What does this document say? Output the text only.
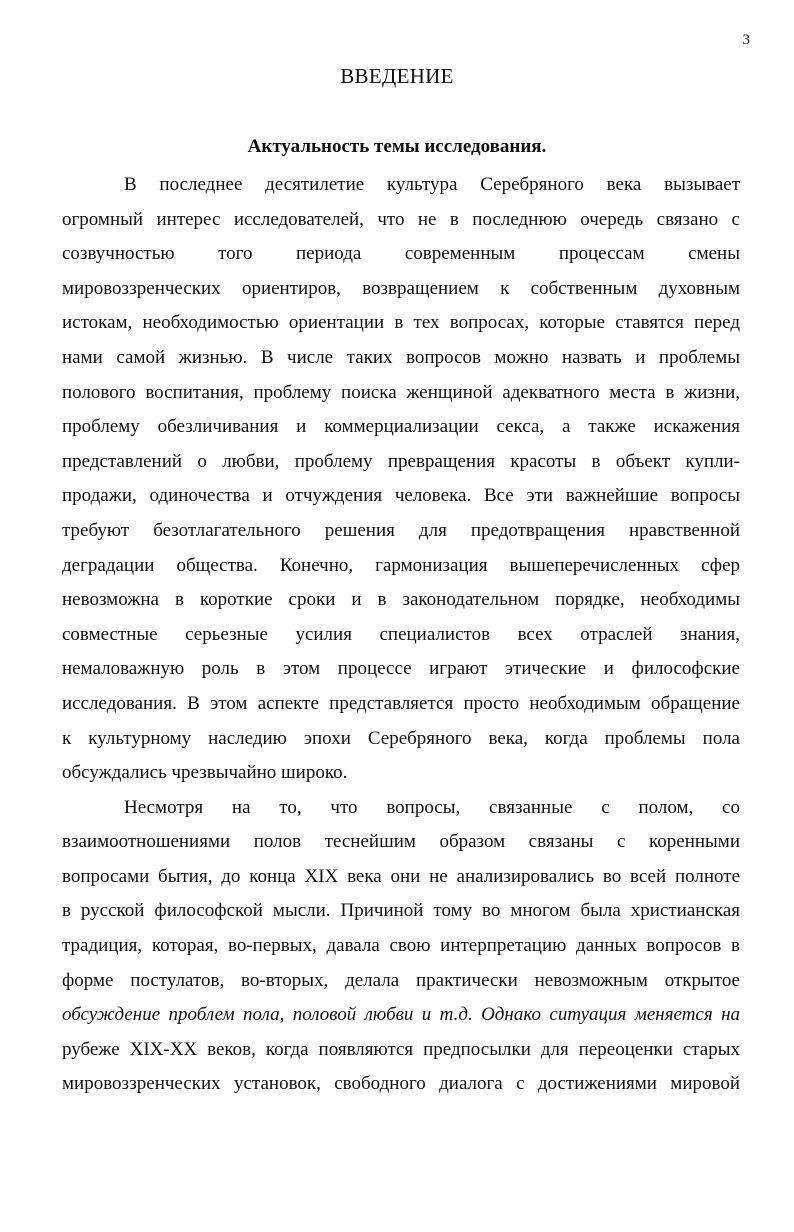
3
ВВЕДЕНИЕ
Актуальность темы исследования.
В последнее десятилетие культура Серебряного века вызывает
огромный интерес исследователей, что не в последнюю очередь связано с
созвучностью того периода современным процессам смены
мировоззренческих ориентиров, возвращением к собственным духовным
истокам, необходимостью ориентации в тех вопросах, которые ставятся перед
нами самой жизнью. В числе таких вопросов можно назвать и проблемы
полового воспитания, проблему поиска женщиной адекватного места в жизни,
проблему обезличивания и коммерциализации секса, а также искажения
представлений о любви, проблему превращения красоты в объект купли-
продажи, одиночества и отчуждения человека. Все эти важнейшие вопросы
требуют безотлагательного решения для предотвращения нравственной
деградации общества. Конечно, гармонизация вышеперечисленных сфер
невозможна в короткие сроки и в законодательном порядке, необходимы
совместные серьезные усилия специалистов всех отраслей знания,
немаловажную роль в этом процессе играют этические и философские
исследования. В этом аспекте представляется просто необходимым обращение
к культурному наследию эпохи Серебряного века, когда проблемы пола
обсуждались чрезвычайно широко.
Несмотря на то, что вопросы, связанные с полом, со
взаимоотношениями полов теснейшим образом связаны с коренными
вопросами бытия, до конца XIX века они не анализировались во всей полноте
в русской философской мысли. Причиной тому во многом была христианская
традиция, которая, во-первых, давала свою интерпретацию данных вопросов в
форме постулатов, во-вторых, делала практически невозможным открытое
обсуждение проблем пола, половой любви и т.д. Однако ситуация меняется на
рубеже XIX-XX веков, когда появляются предпосылки для переоценки старых
мировоззренческих установок, свободного диалога с достижениями мировой
